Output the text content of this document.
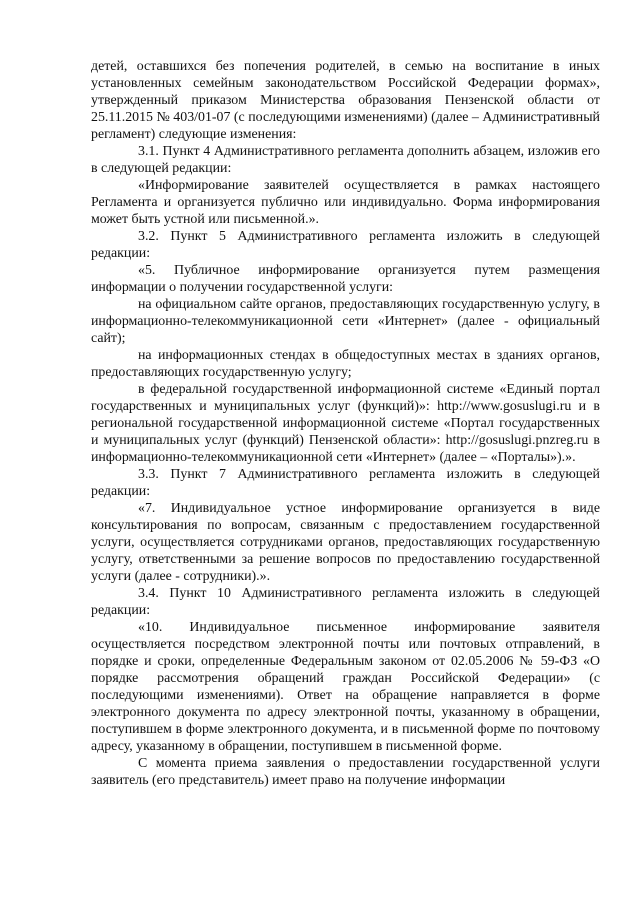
детей, оставшихся без попечения родителей, в семью на воспитание в иных установленных семейным законодательством Российской Федерации формах», утвержденный приказом Министерства образования Пензенской области от 25.11.2015 № 403/01-07 (с последующими изменениями) (далее – Административный регламент) следующие изменения:

3.1. Пункт 4 Административного регламента дополнить абзацем, изложив его в следующей редакции:

«Информирование заявителей осуществляется в рамках настоящего Регламента и организуется публично или индивидуально. Форма информирования может быть устной или письменной.».

3.2. Пункт 5 Административного регламента изложить в следующей редакции:

«5. Публичное информирование организуется путем размещения информации о получении государственной услуги:

на официальном сайте органов, предоставляющих государственную услугу, в информационно-телекоммуникационной сети «Интернет» (далее - официальный сайт);

на информационных стендах в общедоступных местах в зданиях органов, предоставляющих государственную услугу;

в федеральной государственной информационной системе «Единый портал государственных и муниципальных услуг (функций)»: http://www.gosuslugi.ru и в региональной государственной информационной системе «Портал государственных и муниципальных услуг (функций) Пензенской области»: http://gosuslugi.pnzreg.ru в информационно-телекоммуникационной сети «Интернет» (далее – «Порталы»).».

3.3. Пункт 7 Административного регламента изложить в следующей редакции:

«7. Индивидуальное устное информирование организуется в виде консультирования по вопросам, связанным с предоставлением государственной услуги, осуществляется сотрудниками органов, предоставляющих государственную услугу, ответственными за решение вопросов по предоставлению государственной услуги (далее - сотрудники).».

3.4. Пункт 10 Административного регламента изложить в следующей редакции:

«10. Индивидуальное письменное информирование заявителя осуществляется посредством электронной почты или почтовых отправлений, в порядке и сроки, определенные Федеральным законом от 02.05.2006 № 59-ФЗ «О порядке рассмотрения обращений граждан Российской Федерации» (с последующими изменениями). Ответ на обращение направляется в форме электронного документа по адресу электронной почты, указанному в обращении, поступившем в форме электронного документа, и в письменной форме по почтовому адресу, указанному в обращении, поступившем в письменной форме.

С момента приема заявления о предоставлении государственной услуги заявитель (его представитель) имеет право на получение информации
